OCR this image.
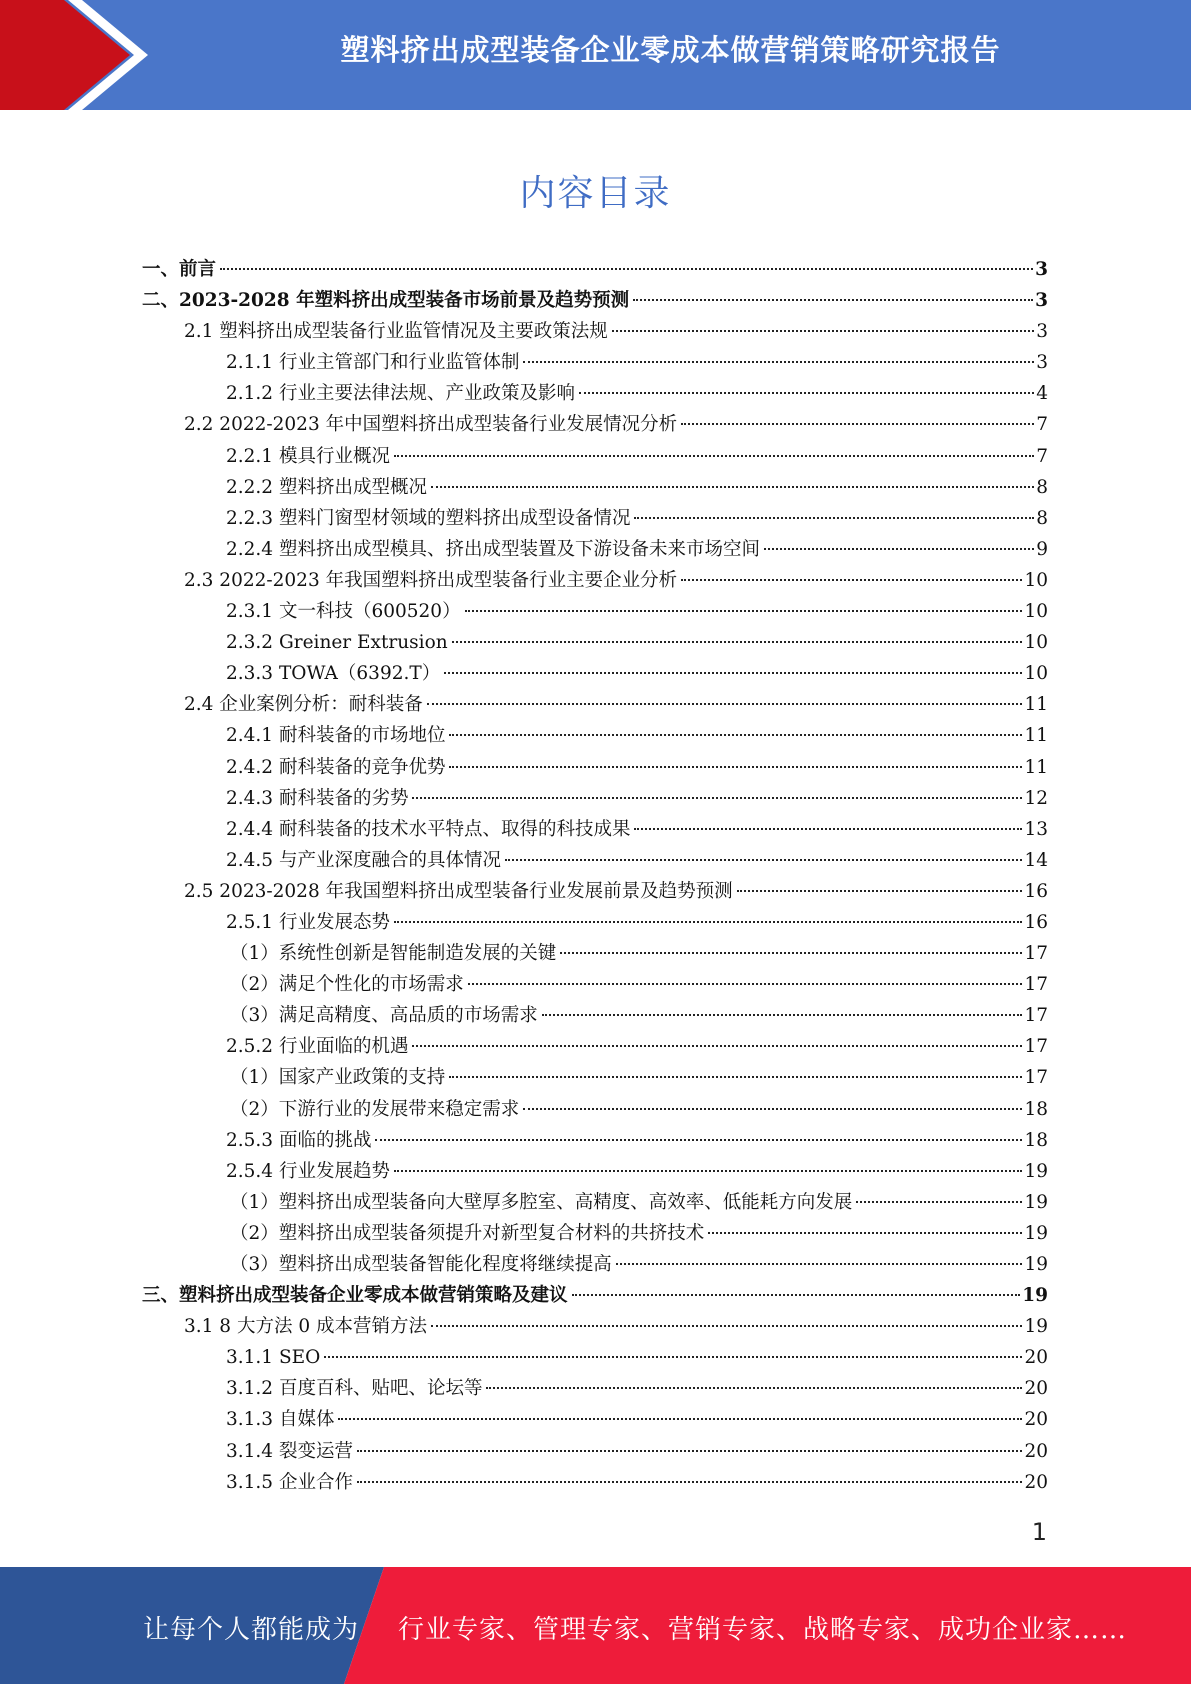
塑料挤出成型装备企业零成本做营销策略研究报告
内容目录
一、前言	3
二、2023-2028 年塑料挤出成型装备市场前景及趋势预测	3
2.1 塑料挤出成型装备行业监管情况及主要政策法规	3
2.1.1 行业主管部门和行业监管体制	3
2.1.2 行业主要法律法规、产业政策及影响	4
2.2 2022-2023 年中国塑料挤出成型装备行业发展情况分析	7
2.2.1 模具行业概况	7
2.2.2 塑料挤出成型概况	8
2.2.3 塑料门窗型材领域的塑料挤出成型设备情况	8
2.2.4 塑料挤出成型模具、挤出成型装置及下游设备未来市场空间	9
2.3 2022-2023 年我国塑料挤出成型装备行业主要企业分析	10
2.3.1 文一科技（600520）	10
2.3.2 Greiner Extrusion	10
2.3.3 TOWA（6392.T）	10
2.4 企业案例分析：耐科装备	11
2.4.1 耐科装备的市场地位	11
2.4.2 耐科装备的竞争优势	11
2.4.3 耐科装备的劣势	12
2.4.4 耐科装备的技术水平特点、取得的科技成果	13
2.4.5 与产业深度融合的具体情况	14
2.5 2023-2028 年我国塑料挤出成型装备行业发展前景及趋势预测	16
2.5.1 行业发展态势	16
（1）系统性创新是智能制造发展的关键	17
（2）满足个性化的市场需求	17
（3）满足高精度、高品质的市场需求	17
2.5.2 行业面临的机遇	17
（1）国家产业政策的支持	17
（2）下游行业的发展带来稳定需求	18
2.5.3 面临的挑战	18
2.5.4 行业发展趋势	19
（1）塑料挤出成型装备向大壁厚多腔室、高精度、高效率、低能耗方向发展	19
（2）塑料挤出成型装备须提升对新型复合材料的共挤技术	19
（3）塑料挤出成型装备智能化程度将继续提高	19
三、塑料挤出成型装备企业零成本做营销策略及建议	19
3.1 8 大方法 0 成本营销方法	19
3.1.1 SEO	20
3.1.2 百度百科、贴吧、论坛等	20
3.1.3 自媒体	20
3.1.4 裂变运营	20
3.1.5 企业合作	20
1
让每个人都能成为 行业专家、管理专家、营销专家、战略专家、成功企业家……
